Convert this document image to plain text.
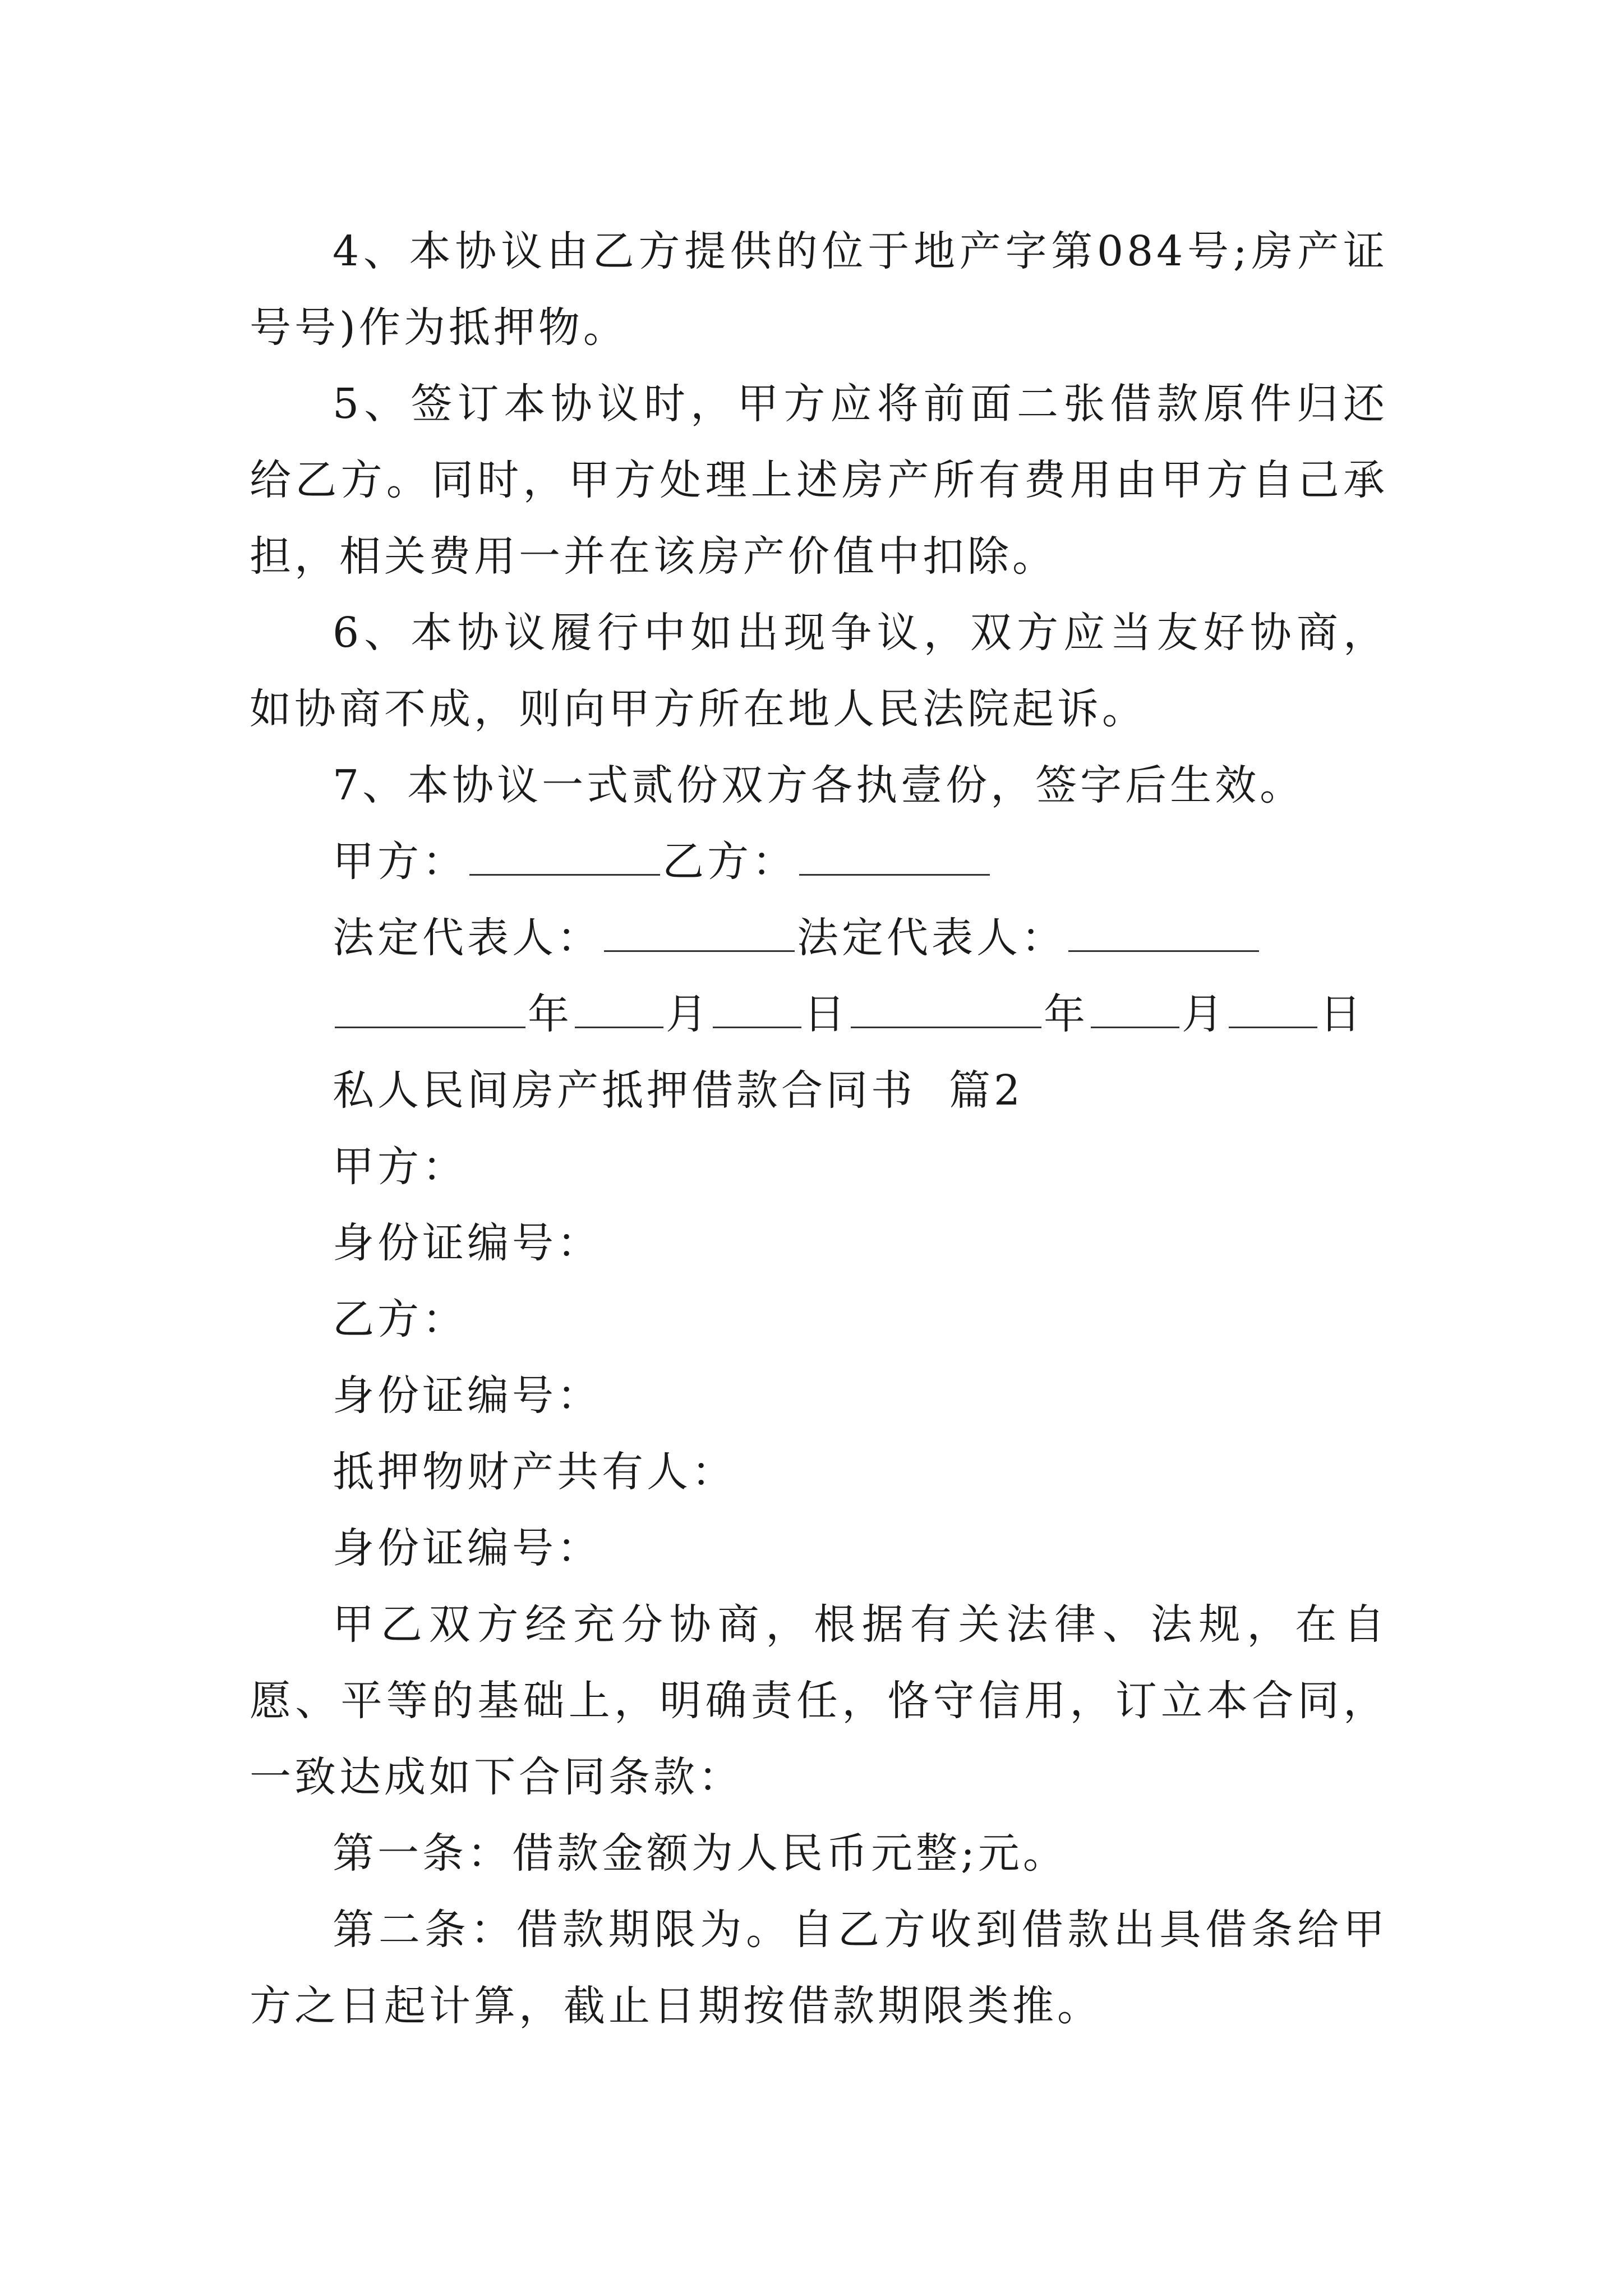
4、本协议由乙方提供的位于地产字第084号;房产证号号)作为抵押物。

5、签订本协议时，甲方应将前面二张借款原件归还给乙方。同时，甲方处理上述房产所有费用由甲方自己承担，相关费用一并在该房产价值中扣除。

6、本协议履行中如出现争议，双方应当友好协商，如协商不成，则向甲方所在地人民法院起诉。

7、本协议一式贰份双方各执壹份，签字后生效。

甲方：	乙方：

法定代表人：	法定代表人：

年 月 日	年 月 日

私人民间房产抵押借款合同书  篇2

甲方：

身份证编号：

乙方：

身份证编号：

抵押物财产共有人：

身份证编号：

甲乙双方经充分协商，根据有关法律、法规，在自愿、平等的基础上，明确责任，恪守信用，订立本合同，一致达成如下合同条款：

第一条：借款金额为人民币元整;元。

第二条：借款期限为。自乙方收到借款出具借条给甲方之日起计算，截止日期按借款期限类推。
